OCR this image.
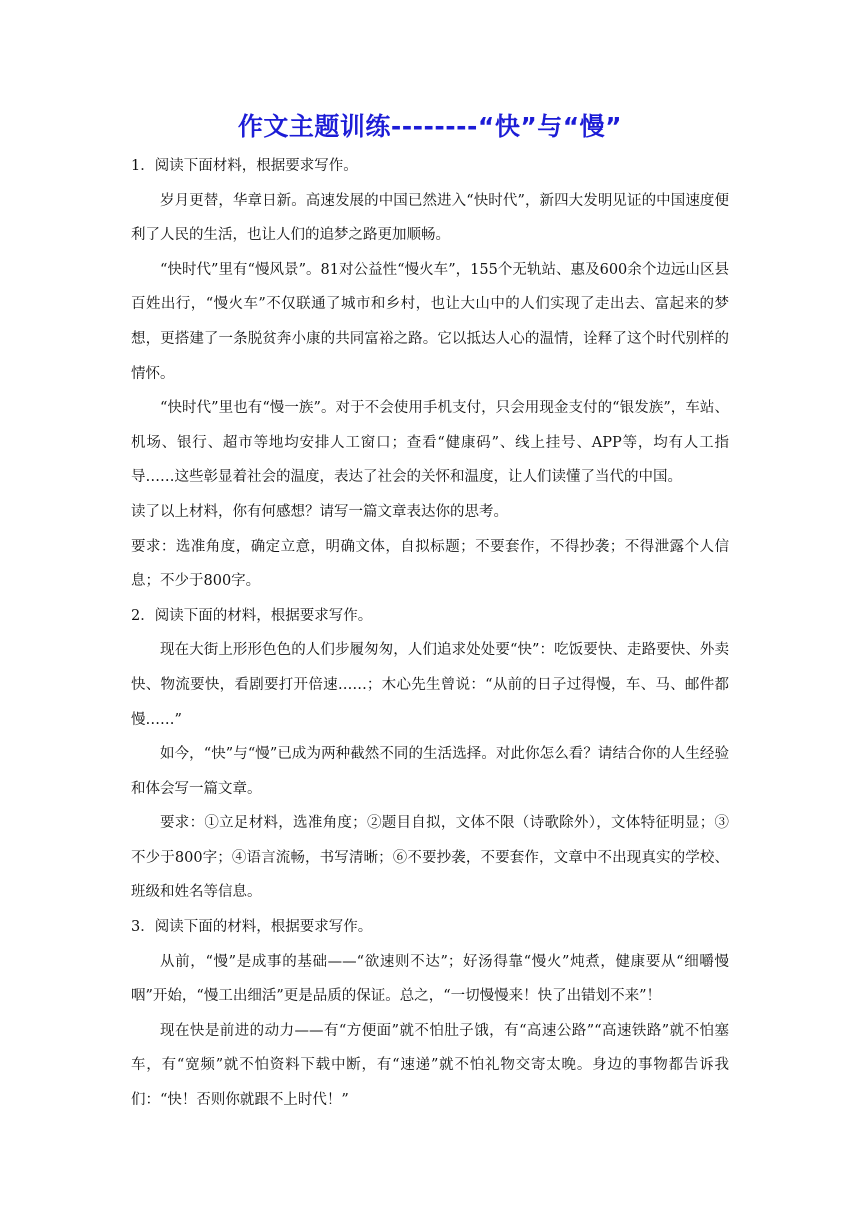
作文主题训练--------“快”与“慢”

1．阅读下面材料，根据要求写作。

岁月更替，华章日新。高速发展的中国已然进入“快时代”，新四大发明见证的中国速度便利了人民的生活，也让人们的追梦之路更加顺畅。

“快时代”里有“慢风景”。81对公益性“慢火车”，155个无轨站、惠及600余个边远山区县百姓出行，“慢火车”不仅联通了城市和乡村，也让大山中的人们实现了走出去、富起来的梦想，更搭建了一条脱贫奔小康的共同富裕之路。它以抵达人心的温情，诠释了这个时代别样的情怀。

“快时代”里也有“慢一族”。对于不会使用手机支付，只会用现金支付的“银发族”，车站、机场、银行、超市等地均安排人工窗口；查看“健康码”、线上挂号、APP等，均有人工指导……这些彰显着社会的温度，表达了社会的关怀和温度，让人们读懂了当代的中国。

读了以上材料，你有何感想？请写一篇文章表达你的思考。

要求：选准角度，确定立意，明确文体，自拟标题；不要套作，不得抄袭；不得泄露个人信息；不少于800字。

2．阅读下面的材料，根据要求写作。

现在大街上形形色色的人们步履匆匆，人们追求处处要“快”：吃饭要快、走路要快、外卖快、物流要快，看剧要打开倍速……；木心先生曾说：“从前的日子过得慢，车、马、邮件都慢……”

如今，“快”与“慢”已成为两种截然不同的生活选择。对此你怎么看？请结合你的人生经验和体会写一篇文章。

要求：①立足材料，选准角度；②题目自拟，文体不限（诗歌除外），文体特征明显；③不少于800字；④语言流畅，书写清晰；⑥不要抄袭，不要套作，文章中不出现真实的学校、班级和姓名等信息。

3．阅读下面的材料，根据要求写作。

从前，“慢”是成事的基础——“欲速则不达”；好汤得靠“慢火”炖煮，健康要从“细嚼慢咽”开始，“慢工出细活”更是品质的保证。总之，“一切慢慢来！快了出错划不来”！

现在快是前进的动力——有“方便面”就不怕肚子饿，有“高速公路”“高速铁路”就不怕塞车，有“宽频”就不怕资料下载中断，有“速递”就不怕礼物交寄太晚。身边的事物都告诉我们：“快！否则你就跟不上时代！”
